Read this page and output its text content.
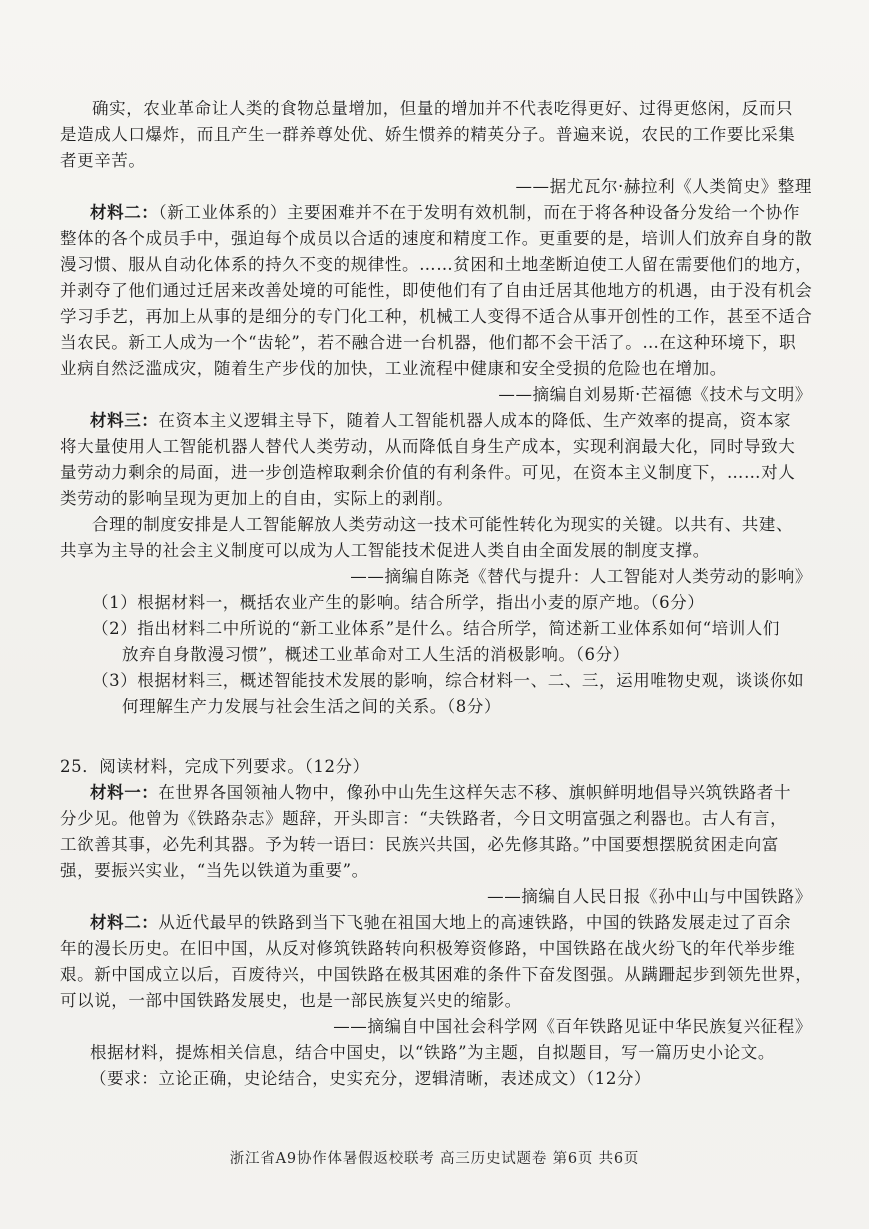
确实，农业革命让人类的食物总量增加，但量的增加并不代表吃得更好、过得更悠闲，反而只
是造成人口爆炸，而且产生一群养尊处优、娇生惯养的精英分子。普遍来说，农民的工作要比采集
者更辛苦。
——据尤瓦尔·赫拉利《人类简史》整理
材料二：（新工业体系的）主要困难并不在于发明有效机制，而在于将各种设备分发给一个协作
整体的各个成员手中，强迫每个成员以合适的速度和精度工作。更重要的是，培训人们放弃自身的散
漫习惯、服从自动化体系的持久不变的规律性。……贫困和土地垄断迫使工人留在需要他们的地方，
并剥夺了他们通过迁居来改善处境的可能性，即使他们有了自由迁居其他地方的机遇，由于没有机会
学习手艺，再加上从事的是细分的专门化工种，机械工人变得不适合从事开创性的工作，甚至不适合
当农民。新工人成为一个“齿轮”，若不融合进一台机器，他们都不会干活了。…在这种环境下，职
业病自然泛滥成灾，随着生产步伐的加快，工业流程中健康和安全受损的危险也在增加。
——摘编自刘易斯·芒福德《技术与文明》
材料三：在资本主义逻辑主导下，随着人工智能机器人成本的降低、生产效率的提高，资本家
将大量使用人工智能机器人替代人类劳动，从而降低自身生产成本，实现利润最大化，同时导致大
量劳动力剩余的局面，进一步创造榨取剩余价值的有利条件。可见，在资本主义制度下，……对人
类劳动的影响呈现为更加上的自由，实际上的剥削。
合理的制度安排是人工智能解放人类劳动这一技术可能性转化为现实的关键。以共有、共建、
共享为主导的社会主义制度可以成为人工智能技术促进人类自由全面发展的制度支撑。
——摘编自陈尧《替代与提升：人工智能对人类劳动的影响》
（1）根据材料一，概括农业产生的影响。结合所学，指出小麦的原产地。（6分）
（2）指出材料二中所说的“新工业体系”是什么。结合所学，简述新工业体系如何“培训人们
放弃自身散漫习惯”，概述工业革命对工人生活的消极影响。（6分）
（3）根据材料三，概述智能技术发展的影响，综合材料一、二、三，运用唯物史观，谈谈你如
何理解生产力发展与社会生活之间的关系。（8分）
25．阅读材料，完成下列要求。（12分）
材料一：在世界各国领袖人物中，像孙中山先生这样矢志不移、旗帜鲜明地倡导兴筑铁路者十
分少见。他曾为《铁路杂志》题辞，开头即言：“夫铁路者，今日文明富强之利器也。古人有言，
工欲善其事，必先利其器。予为转一语曰：民族兴共国，必先修其路。”中国要想摆脱贫困走向富
强，要振兴实业，“当先以铁道为重要”。
——摘编自人民日报《孙中山与中国铁路》
材料二：从近代最早的铁路到当下飞驰在祖国大地上的高速铁路，中国的铁路发展走过了百余
年的漫长历史。在旧中国，从反对修筑铁路转向积极筹资修路，中国铁路在战火纷飞的年代举步维
艰。新中国成立以后，百废待兴，中国铁路在极其困难的条件下奋发图强。从蹒跚起步到领先世界，
可以说，一部中国铁路发展史，也是一部民族复兴史的缩影。
——摘编自中国社会科学网《百年铁路见证中华民族复兴征程》
根据材料，提炼相关信息，结合中国史，以“铁路”为主题，自拟题目，写一篇历史小论文。
（要求：立论正确，史论结合，史实充分，逻辑清晰，表述成文）（12分）
浙江省A9协作体暑假返校联考 高三历史试题卷 第6页 共6页
